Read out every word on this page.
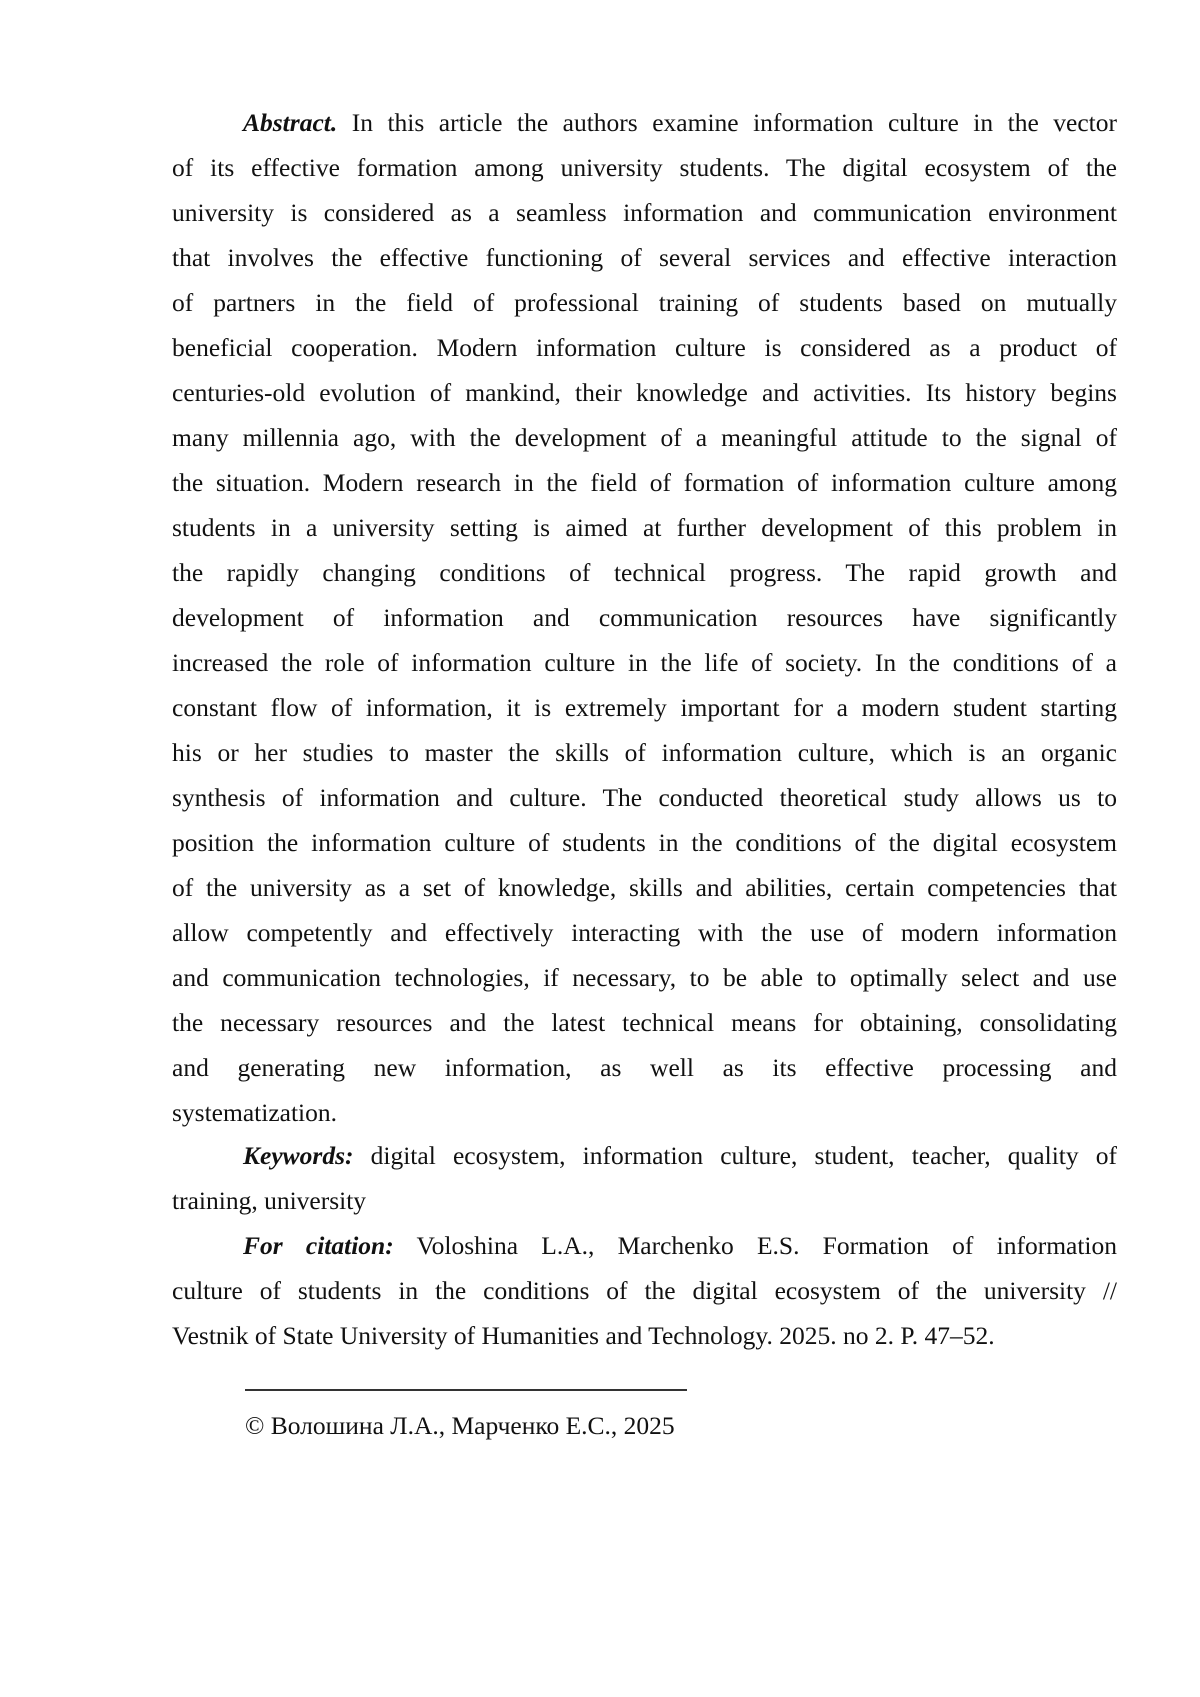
Abstract. In this article the authors examine information culture in the vector
of its effective formation among university students. The digital ecosystem of the
university is considered as a seamless information and communication environment
that involves the effective functioning of several services and effective interaction
of partners in the field of professional training of students based on mutually
beneficial cooperation. Modern information culture is considered as a product of
centuries-old evolution of mankind, their knowledge and activities. Its history begins
many millennia ago, with the development of a meaningful attitude to the signal of
the situation. Modern research in the field of formation of information culture among
students in a university setting is aimed at further development of this problem in
the rapidly changing conditions of technical progress. The rapid growth and
development of information and communication resources have significantly
increased the role of information culture in the life of society. In the conditions of a
constant flow of information, it is extremely important for a modern student starting
his or her studies to master the skills of information culture, which is an organic
synthesis of information and culture. The conducted theoretical study allows us to
position the information culture of students in the conditions of the digital ecosystem
of the university as a set of knowledge, skills and abilities, certain competencies that
allow competently and effectively interacting with the use of modern information
and communication technologies, if necessary, to be able to optimally select and use
the necessary resources and the latest technical means for obtaining, consolidating
and generating new information, as well as its effective processing and
systematization.
Keywords: digital ecosystem, information culture, student, teacher, quality of
training, university
For citation: Voloshina L.A., Marchenko E.S. Formation of information
culture of students in the conditions of the digital ecosystem of the university //
Vestnik of State University of Humanities and Technology. 2025. no 2. P. 47–52.
© Волошина Л.А., Марченко Е.С., 2025
